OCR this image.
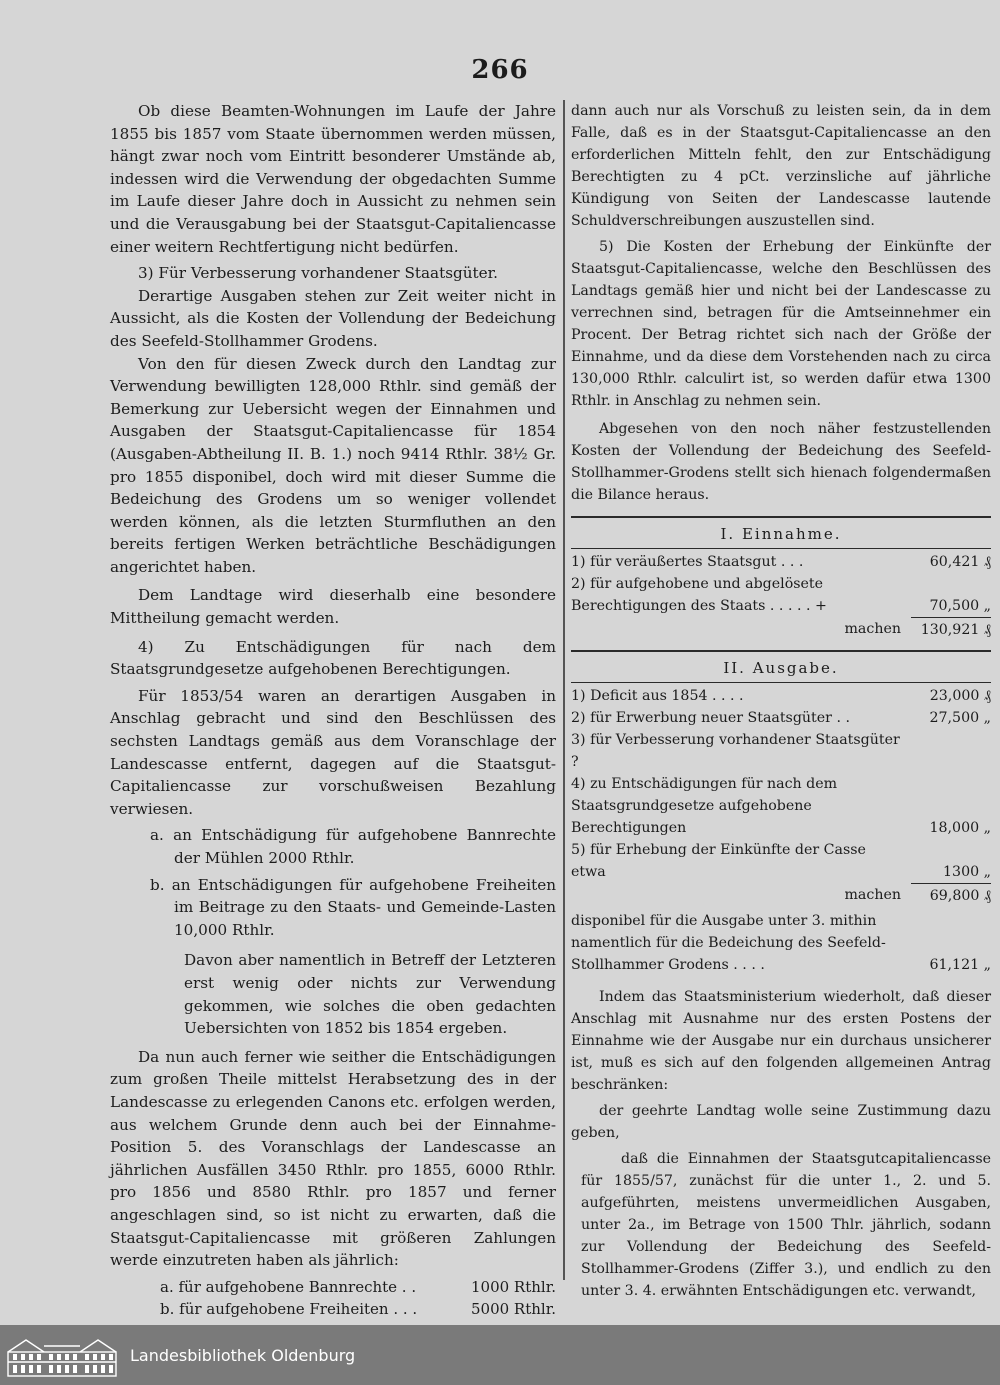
266

Ob diese Beamten-Wohnungen im Laufe der Jahre 1855 bis 1857 vom Staate übernommen werden müssen, hängt zwar noch vom Eintritt besonderer Umstände ab, indessen wird die Verwendung der obgedachten Summe im Laufe dieser Jahre doch in Aussicht zu nehmen sein und die Verausgabung bei der Staatsgut-Capitaliencasse einer weitern Rechtfertigung nicht bedürfen.

3) Für Verbesserung vorhandener Staatsgüter.

Derartige Ausgaben stehen zur Zeit weiter nicht in Aussicht, als die Kosten der Vollendung der Bedeichung des Seefeld-Stollhammer Grodens.

Von den für diesen Zweck durch den Landtag zur Verwendung bewilligten 128,000 Rthlr. sind gemäß der Bemerkung zur Uebersicht wegen der Einnahmen und Ausgaben der Staatsgut-Capitaliencasse für 1854 (Ausgaben-Abtheilung II. B. 1.) noch 9414 Rthlr. 38½ Gr. pro 1855 disponibel, doch wird mit dieser Summe die Bedeichung des Grodens um so weniger vollendet werden können, als die letzten Sturmfluthen an den bereits fertigen Werken beträchtliche Beschädigungen angerichtet haben.

Dem Landtage wird dieserhalb eine besondere Mittheilung gemacht werden.

4) Zu Entschädigungen für nach dem Staatsgrundgesetze aufgehobenen Berechtigungen.

Für 1853/54 waren an derartigen Ausgaben in Anschlag gebracht und sind den Beschlüssen des sechsten Landtags gemäß aus dem Voranschlage der Landescasse entfernt, dagegen auf die Staatsgut-Capitaliencasse zur vorschußweisen Bezahlung verwiesen.

a. an Entschädigung für aufgehobene Bannrechte der Mühlen 2000 Rthlr.

b. an Entschädigungen für aufgehobene Freiheiten im Beitrage zu den Staats- und Gemeinde-Lasten 10,000 Rthlr.

Davon aber namentlich in Betreff der Letzteren erst wenig oder nichts zur Verwendung gekommen, wie solches die oben gedachten Uebersichten von 1852 bis 1854 ergeben.

Da nun auch ferner wie seither die Entschädigungen zum großen Theile mittelst Herabsetzung des in der Landescasse zu erlegenden Canons etc. erfolgen werden, aus welchem Grunde denn auch bei der Einnahme-Position 5. des Voranschlags der Landescasse an jährlichen Ausfällen 3450 Rthlr. pro 1855, 6000 Rthlr. pro 1856 und 8580 Rthlr. pro 1857 und ferner angeschlagen sind, so ist nicht zu erwarten, daß die Staatsgut-Capitaliencasse mit größeren Zahlungen werde einzutreten haben als jährlich:

a. für aufgehobene Bannrechte . .	1000 Rthlr.
b. für aufgehobene Freiheiten . . .	5000 Rthlr.

dann auch nur als Vorschuß zu leisten sein, da in dem Falle, daß es in der Staatsgut-Capitaliencasse an den erforderlichen Mitteln fehlt, den zur Entschädigung Berechtigten zu 4 pCt. verzinsliche auf jährliche Kündigung von Seiten der Landescasse lautende Schuldverschreibungen auszustellen sind.

5) Die Kosten der Erhebung der Einkünfte der Staatsgut-Capitaliencasse, welche den Beschlüssen des Landtags gemäß hier und nicht bei der Landescasse zu verrechnen sind, betragen für die Amtseinnehmer ein Procent. Der Betrag richtet sich nach der Größe der Einnahme, und da diese dem Vorstehenden nach zu circa 130,000 Rthlr. calculirt ist, so werden dafür etwa 1300 Rthlr. in Anschlag zu nehmen sein.

Abgesehen von den noch näher festzustellenden Kosten der Vollendung der Bedeichung des Seefeld-Stollhammer-Grodens stellt sich hienach folgendermaßen die Bilance heraus.

I. Einnahme.
1) für veräußertes Staatsgut . . .	60,421 ₰
2) für aufgehobene und abgelösete Berechtigungen des Staats . . . . . +	70,500 „
machen	130,921 ₰
II. Ausgabe.
1) Deficit aus 1854 . . . .	23,000 ₰
2) für Erwerbung neuer Staatsgüter . .	27,500 „
3) für Verbesserung vorhandener Staatsgüter ?
4) zu Entschädigungen für nach dem Staatsgrundgesetze aufgehobene Berechtigungen	18,000 „
5) für Erhebung der Einkünfte der Casse etwa	1300 „
machen	69,800 ₰
disponibel für die Ausgabe unter 3. mithin namentlich für die Bedeichung des Seefeld-Stollhammer Grodens . . . .	61,121 „

Indem das Staatsministerium wiederholt, daß dieser Anschlag mit Ausnahme nur des ersten Postens der Einnahme wie der Ausgabe nur ein durchaus unsicherer ist, muß es sich auf den folgenden allgemeinen Antrag beschränken:

der geehrte Landtag wolle seine Zustimmung dazu geben,

daß die Einnahmen der Staatsgutcapitaliencasse für 1855/57, zunächst für die unter 1., 2. und 5. aufgeführten, meistens unvermeidlichen Ausgaben, unter 2a., im Betrage von 1500 Thlr. jährlich, sodann zur Vollendung der Bedeichung des Seefeld-Stollhammer-Grodens (Ziffer 3.), und endlich zu den unter 3. 4. erwähnten Entschädigungen etc. verwandt,

Landesbibliothek Oldenburg
